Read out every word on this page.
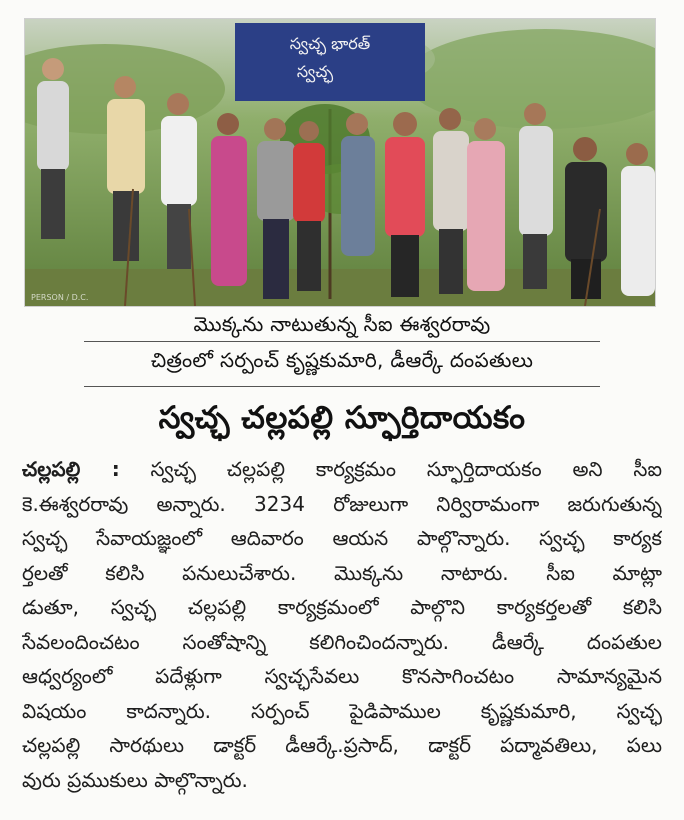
స్వచ్ఛ భారత్
స్వచ్ఛ
PERSON / D.C.
మొక్కను నాటుతున్న సీఐ ఈశ్వరరావు
చిత్రంలో సర్పంచ్ కృష్ణకుమారి, డీఆర్కే దంపతులు
స్వచ్ఛ చల్లపల్లి స్ఫూర్తిదాయకం
చల్లపల్లి : స్వచ్ఛ చల్లపల్లి కార్యక్రమం స్ఫూర్తిదాయకం అని సీఐ
కె.ఈశ్వరరావు అన్నారు. 3234 రోజులుగా నిర్విరామంగా జరుగుతున్న
స్వచ్ఛ సేవాయజ్ఞంలో ఆదివారం ఆయన పాల్గొన్నారు. స్వచ్ఛ కార్యక
ర్తలతో కలిసి పనులుచేశారు. మొక్కను నాటారు. సీఐ మాట్లా
డుతూ, స్వచ్ఛ చల్లపల్లి కార్యక్రమంలో పాల్గొని కార్యకర్తలతో కలిసి
సేవలందించటం సంతోషాన్ని కలిగించిందన్నారు. డీఆర్కే దంపతుల
ఆధ్వర్యంలో పదేళ్లుగా స్వచ్ఛసేవలు కొనసాగించటం సామాన్యమైన
విషయం కాదన్నారు. సర్పంచ్ పైడిపాముల కృష్ణకుమారి, స్వచ్ఛ
చల్లపల్లి సారథులు డాక్టర్ డీఆర్కే.ప్రసాద్, డాక్టర్ పద్మావతిలు, పలు
వురు ప్రముకులు పాల్గొన్నారు.
